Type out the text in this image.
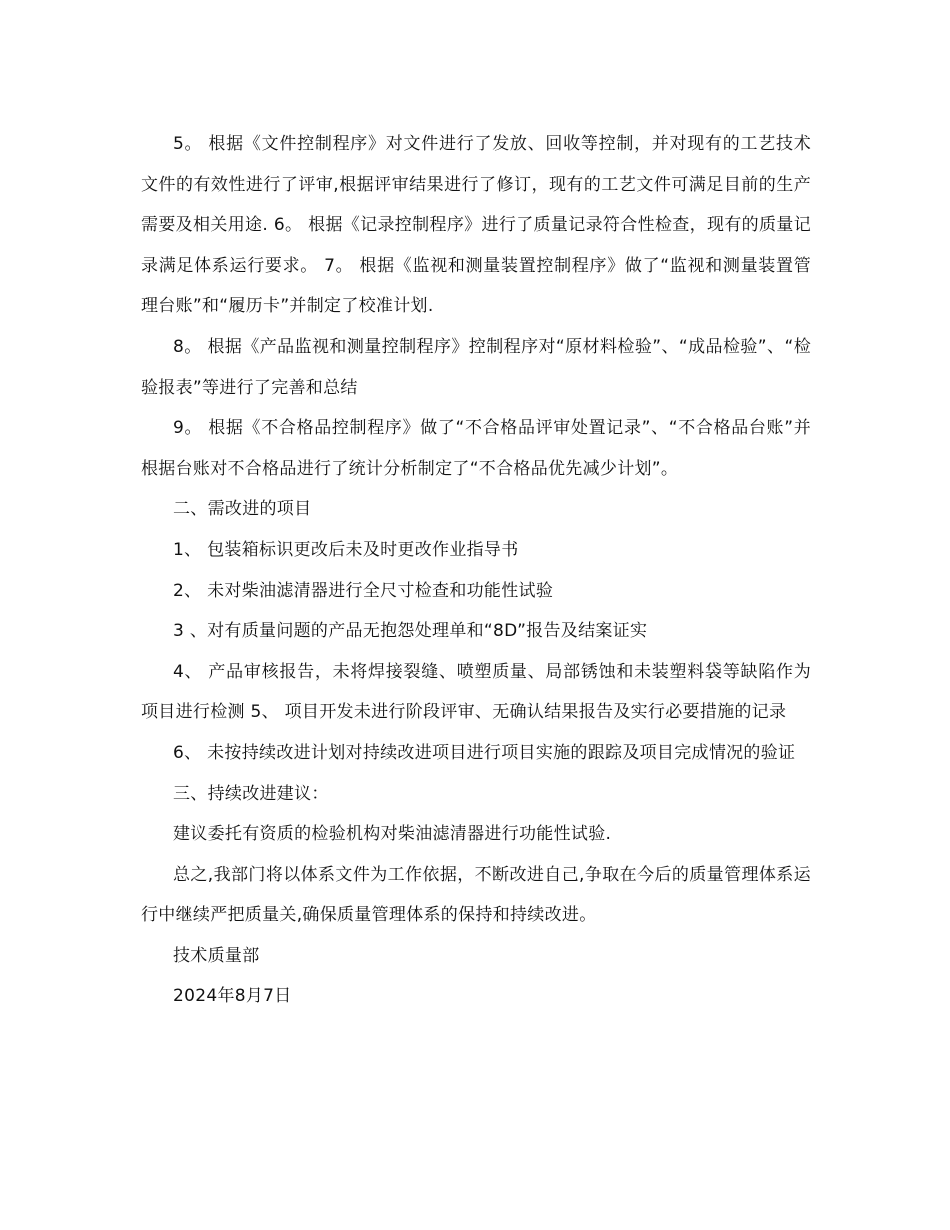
5。 根据《文件控制程序》对文件进行了发放、回收等控制，并对现有的工艺技术文件的有效性进行了评审,根据评审结果进行了修订，现有的工艺文件可满足目前的生产需要及相关用途. 6。 根据《记录控制程序》进行了质量记录符合性检查，现有的质量记录满足体系运行要求。 7。 根据《监视和测量装置控制程序》做了“监视和测量装置管理台账”和“履历卡”并制定了校准计划.

8。 根据《产品监视和测量控制程序》控制程序对“原材料检验”、“成品检验”、“检验报表”等进行了完善和总结

9。 根据《不合格品控制程序》做了“不合格品评审处置记录”、“不合格品台账”并根据台账对不合格品进行了统计分析制定了“不合格品优先减少计划”。

二、需改进的项目

1、 包装箱标识更改后未及时更改作业指导书

2、 未对柴油滤清器进行全尺寸检查和功能性试验

3 、对有质量问题的产品无抱怨处理单和“8D”报告及结案证实

4、 产品审核报告，未将焊接裂缝、喷塑质量、局部锈蚀和未装塑料袋等缺陷作为项目进行检测 5、 项目开发未进行阶段评审、无确认结果报告及实行必要措施的记录

6、 未按持续改进计划对持续改进项目进行项目实施的跟踪及项目完成情况的验证

三、持续改进建议：

建议委托有资质的检验机构对柴油滤清器进行功能性试验.

总之,我部门将以体系文件为工作依据，不断改进自己,争取在今后的质量管理体系运行中继续严把质量关,确保质量管理体系的保持和持续改进。

技术质量部

2024年8月7日
